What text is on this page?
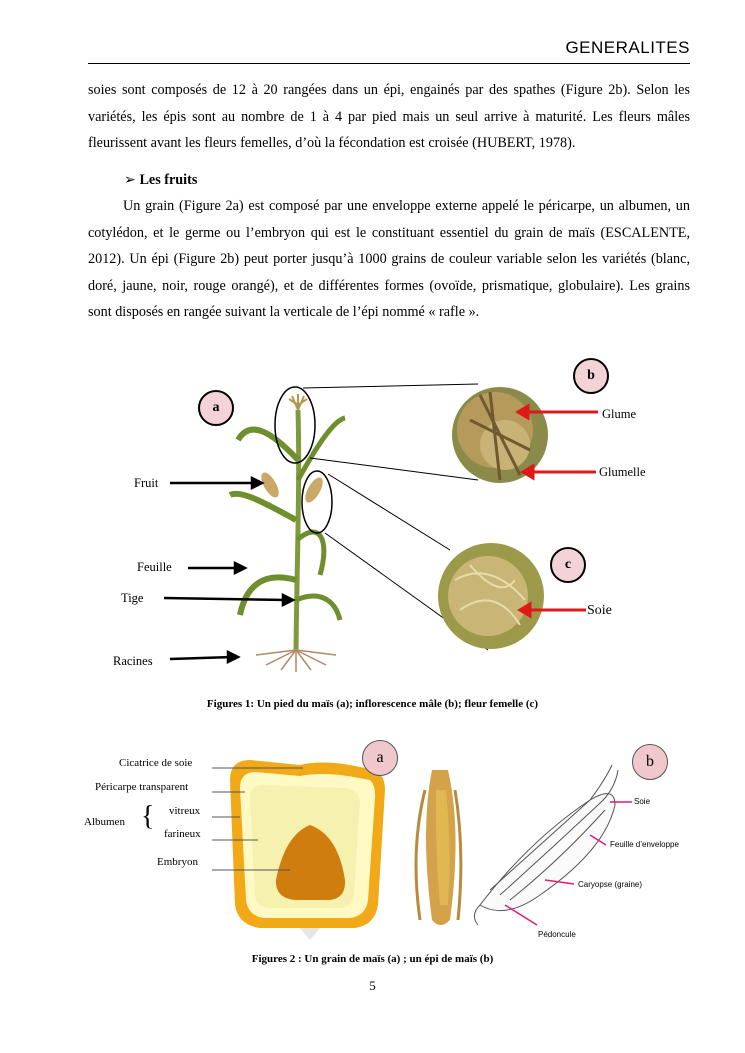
GENERALITES

soies sont composés de 12 à 20 rangées dans un épi, engainés par des spathes (Figure 2b). Selon les variétés, les épis sont au nombre de 1 à 4 par pied mais un seul arrive à maturité. Les fleurs mâles fleurissent avant les fleurs femelles, d’où la fécondation est croisée (HUBERT, 1978).

➢ Les fruits

Un grain (Figure 2a) est composé par une enveloppe externe appelé le péricarpe, un albumen, un cotylédon, et le germe ou l’embryon qui est le constituant essentiel du grain de maïs (ESCALENTE, 2012). Un épi (Figure 2b) peut porter jusqu’à 1000 grains de couleur variable selon les variétés (blanc, doré, jaune, noir, rouge orangé), et de différentes formes (ovoïde, prismatique, globulaire). Les grains sont disposés en rangée suivant la verticale de l’épi nommé « rafle ».

a
b
c
Fruit
Feuille
Tige
Racines
Glume
Glumelle
Soie
Figures 1: Un pied du maïs (a); inflorescence mâle (b); fleur femelle (c)
a	b
Cicatrice de soie
Péricarpe transparent
Albumen { vitreux
farineux
Embryon
Soie
Feuille d’enveloppe
Caryopse (graine)
Pédoncule
Figures 2 : Un grain de maïs (a) ; un épi de maïs (b)
5
